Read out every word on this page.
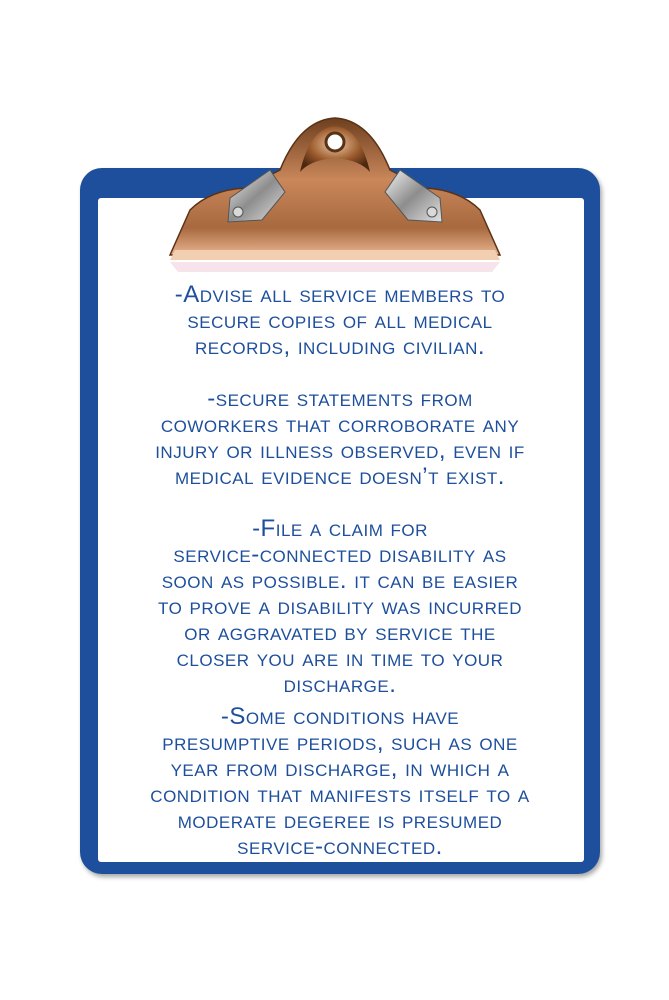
-Advise all service members to
secure copies of all medical
records, including civilian.

-secure statements from
coworkers that corroborate any
injury or illness observed, even if
medical evidence doesn’t exist.

-File a claim for
service-connected disability as
soon as possible. it can be easier
to prove a disability was incurred
or aggravated by service the
closer you are in time to your
discharge.

-Some conditions have
presumptive periods, such as one
year from discharge, in which a
condition that manifests itself to a
moderate degeree is presumed
service-connected.
